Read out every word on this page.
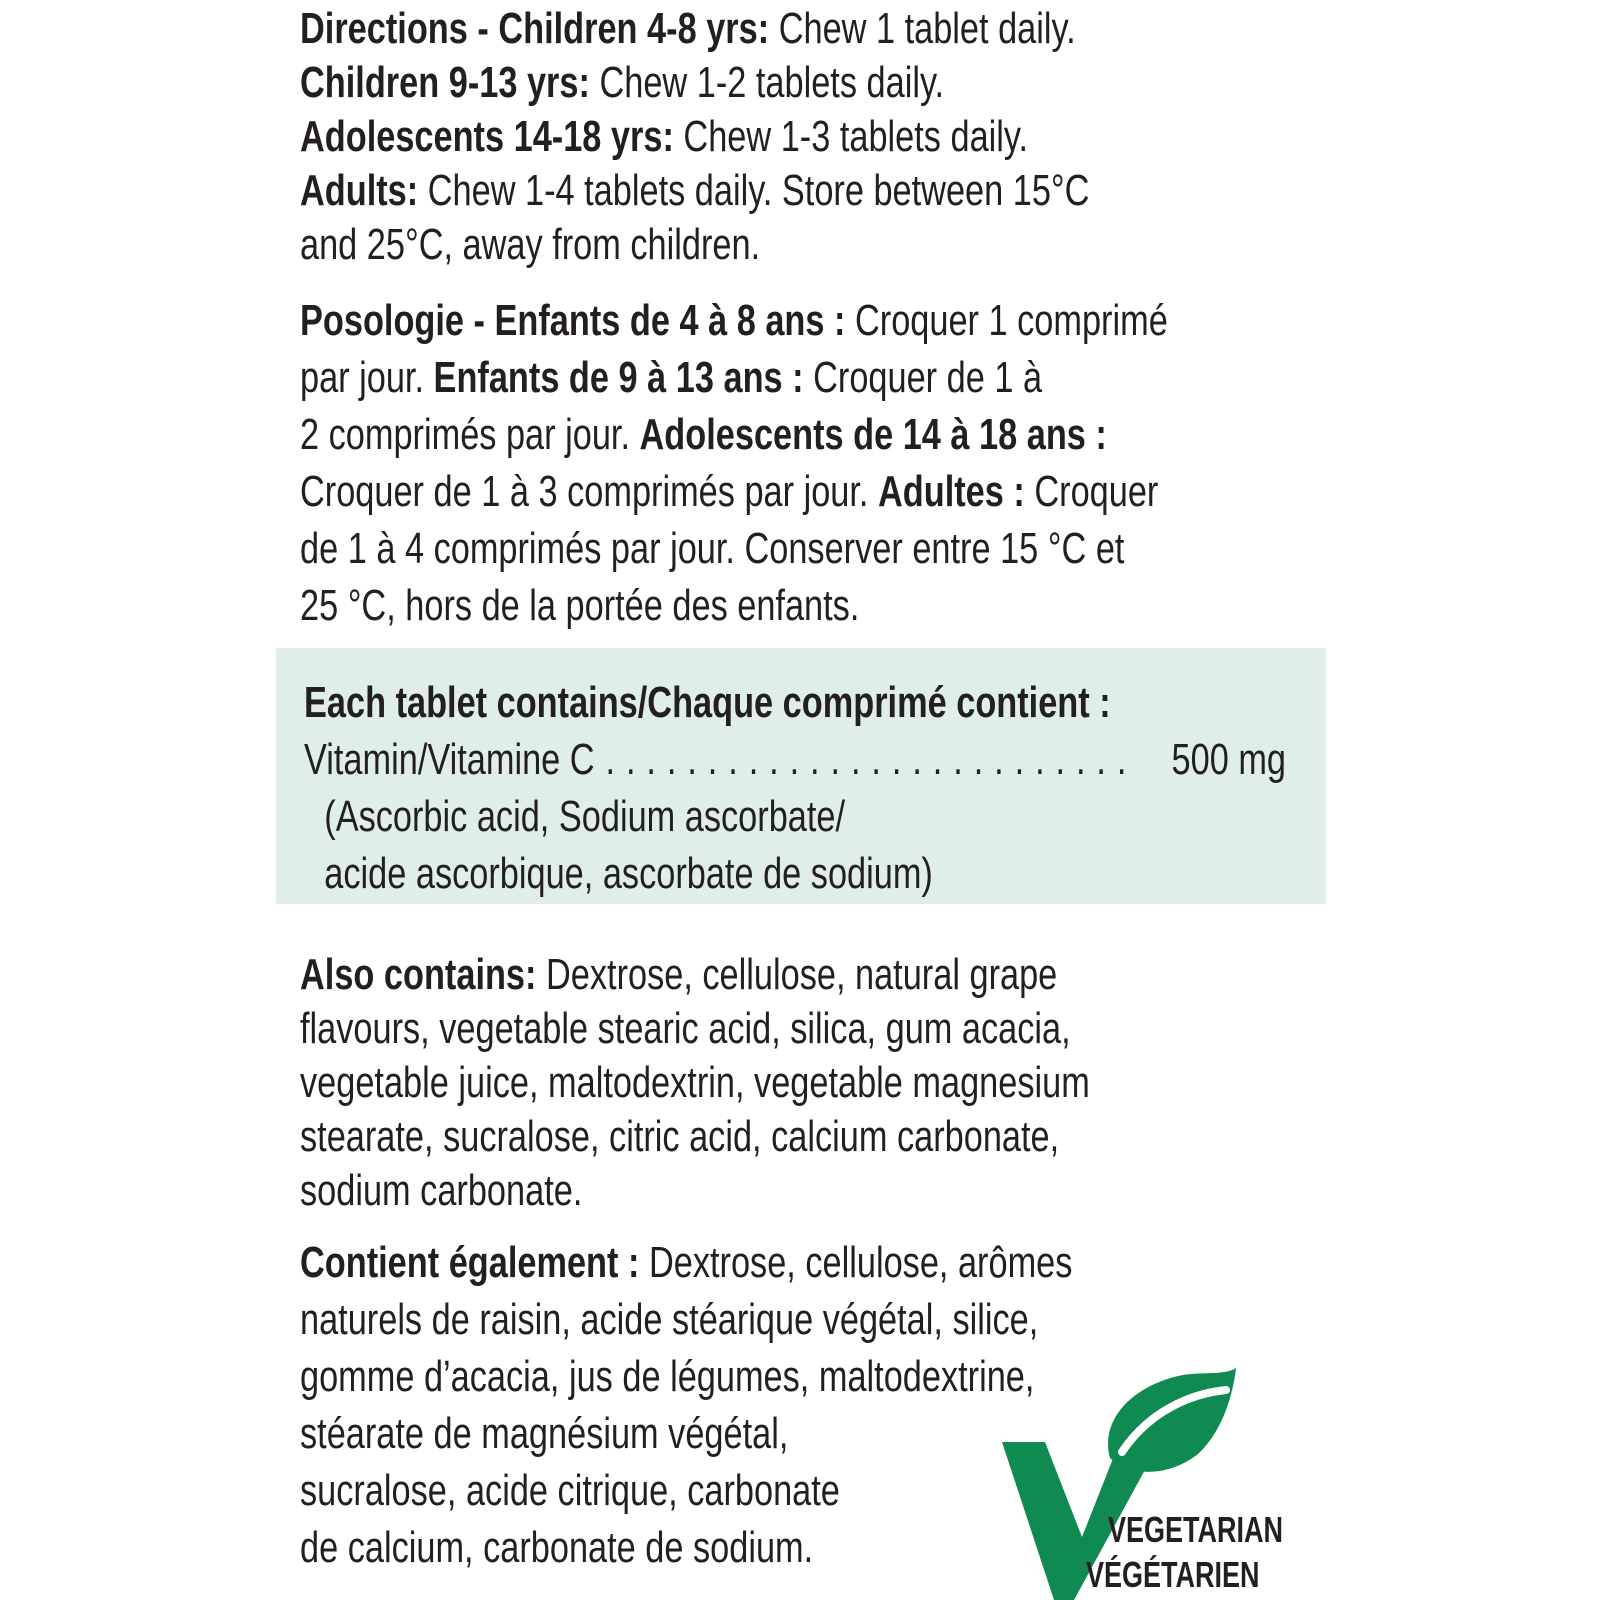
Directions - Children 4-8 yrs: Chew 1 tablet daily.
Children 9-13 yrs: Chew 1-2 tablets daily.
Adolescents 14-18 yrs: Chew 1-3 tablets daily.
Adults: Chew 1-4 tablets daily. Store between 15°C
and 25°C, away from children.
Posologie - Enfants de 4 à 8 ans : Croquer 1 comprimé
par jour. Enfants de 9 à 13 ans : Croquer de 1 à
2 comprimés par jour. Adolescents de 14 à 18 ans :
Croquer de 1 à 3 comprimés par jour. Adultes : Croquer
de 1 à 4 comprimés par jour. Conserver entre 15 °C et
25 °C, hors de la portée des enfants.
Each tablet contains/Chaque comprimé contient :
Vitamin/Vitamine C .......................... 500 mg
(Ascorbic acid, Sodium ascorbate/
acide ascorbique, ascorbate de sodium)
Also contains: Dextrose, cellulose, natural grape
flavours, vegetable stearic acid, silica, gum acacia,
vegetable juice, maltodextrin, vegetable magnesium
stearate, sucralose, citric acid, calcium carbonate,
sodium carbonate.
Contient également : Dextrose, cellulose, arômes
naturels de raisin, acide stéarique végétal, silice,
gomme d’acacia, jus de légumes, maltodextrine,
stéarate de magnésium végétal,
sucralose, acide citrique, carbonate
de calcium, carbonate de sodium.	VEGETARIAN
VÉGÉTARIEN
